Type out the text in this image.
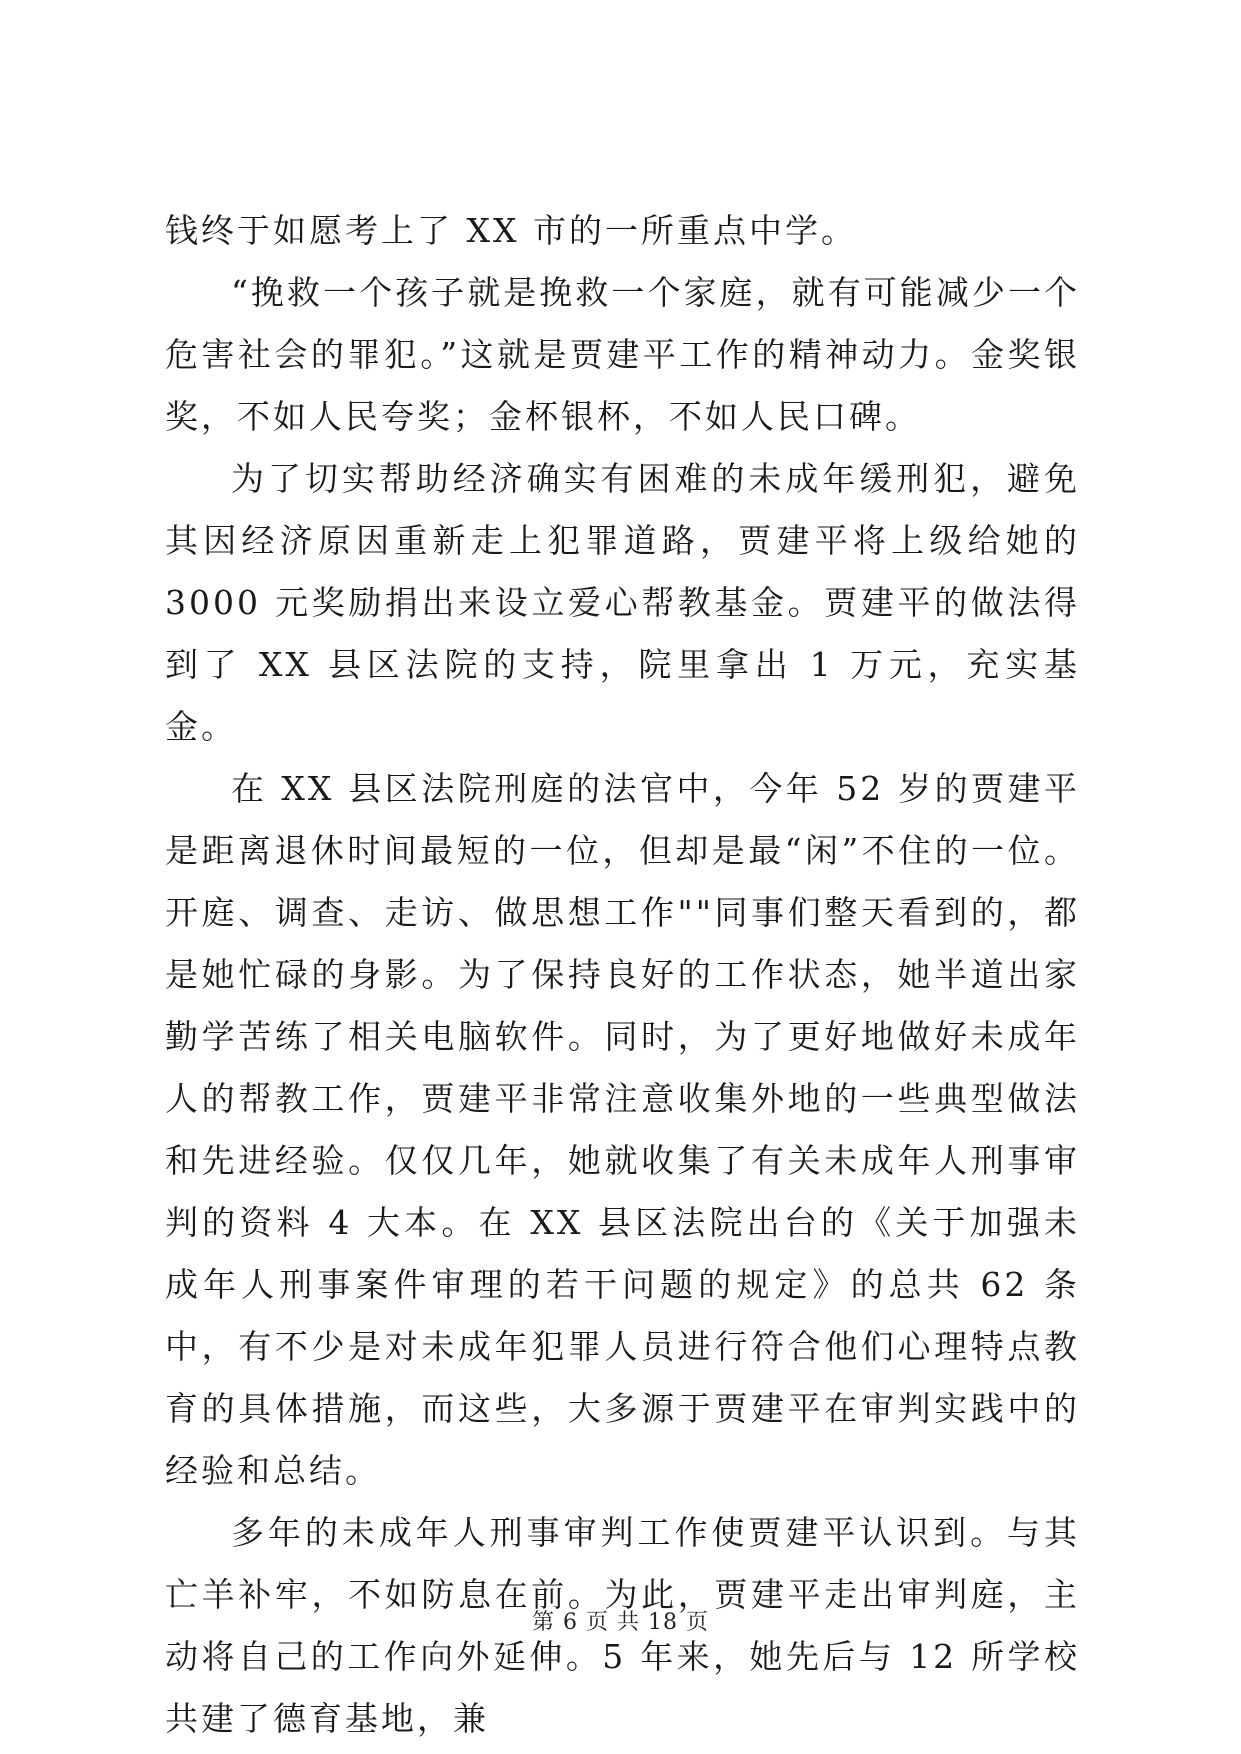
钱终于如愿考上了 XX 市的一所重点中学。

“挽救一个孩子就是挽救一个家庭，就有可能减少一个危害社会的罪犯。”这就是贾建平工作的精神动力。金奖银奖，不如人民夸奖；金杯银杯，不如人民口碑。

为了切实帮助经济确实有困难的未成年缓刑犯，避免其因经济原因重新走上犯罪道路，贾建平将上级给她的 3000 元奖励捐出来设立爱心帮教基金。贾建平的做法得到了 XX 县区法院的支持，院里拿出 1 万元，充实基金。

在 XX 县区法院刑庭的法官中，今年 52 岁的贾建平是距离退休时间最短的一位，但却是最“闲”不住的一位。开庭、调查、走访、做思想工作""同事们整天看到的，都是她忙碌的身影。为了保持良好的工作状态，她半道出家勤学苦练了相关电脑软件。同时，为了更好地做好未成年人的帮教工作，贾建平非常注意收集外地的一些典型做法和先进经验。仅仅几年，她就收集了有关未成年人刑事审判的资料 4 大本。在 XX 县区法院出台的《关于加强未成年人刑事案件审理的若干问题的规定》的总共 62 条中，有不少是对未成年犯罪人员进行符合他们心理特点教育的具体措施，而这些，大多源于贾建平在审判实践中的经验和总结。

多年的未成年人刑事审判工作使贾建平认识到。与其亡羊补牢，不如防息在前。为此，贾建平走出审判庭，主动将自己的工作向外延伸。5 年来，她先后与 12 所学校共建了德育基地，兼

第 6 页 共 18 页
